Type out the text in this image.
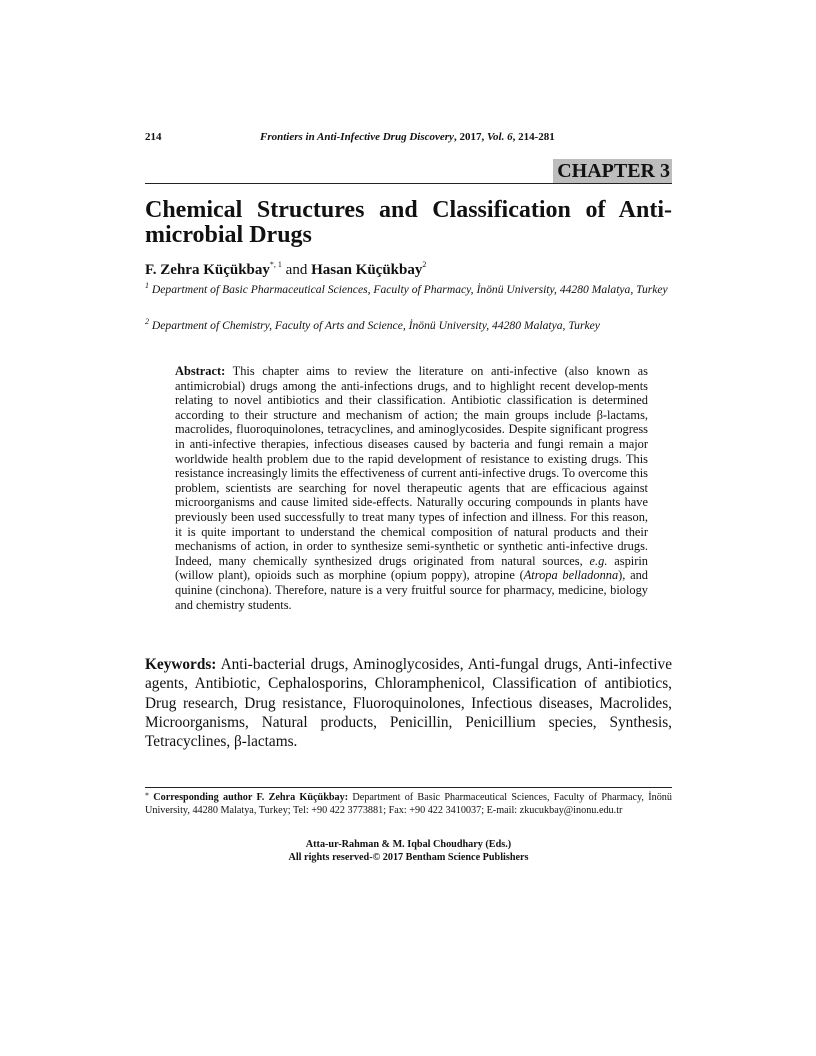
214	Frontiers in Anti-Infective Drug Discovery, 2017, Vol. 6, 214-281
CHAPTER 3
Chemical Structures and Classification of Anti-microbial Drugs
F. Zehra Küçükbay$^{*, 1}$ and Hasan Küçükbay$^2$
$^1$ Department of Basic Pharmaceutical Sciences, Faculty of Pharmacy, İnönü University, 44280 Malatya, Turkey
$^2$ Department of Chemistry, Faculty of Arts and Science, İnönü University, 44280 Malatya, Turkey
Abstract: This chapter aims to review the literature on anti-infective (also known as antimicrobial) drugs among the anti-infections drugs, and to highlight recent develop-ments relating to novel antibiotics and their classification. Antibiotic classification is determined according to their structure and mechanism of action; the main groups include β-lactams, macrolides, fluoroquinolones, tetracyclines, and aminoglycosides. Despite significant progress in anti-infective therapies, infectious diseases caused by bacteria and fungi remain a major worldwide health problem due to the rapid development of resistance to existing drugs. This resistance increasingly limits the effectiveness of current anti-infective drugs. To overcome this problem, scientists are searching for novel therapeutic agents that are efficacious against microorganisms and cause limited side-effects. Naturally occuring compounds in plants have previously been used successfully to treat many types of infection and illness. For this reason, it is quite important to understand the chemical composition of natural products and their mechanisms of action, in order to synthesize semi-synthetic or synthetic anti-infective drugs. Indeed, many chemically synthesized drugs originated from natural sources, e.g. aspirin (willow plant), opioids such as morphine (opium poppy), atropine (Atropa belladonna), and quinine (cinchona). Therefore, nature is a very fruitful source for pharmacy, medicine, biology and chemistry students.
Keywords: Anti-bacterial drugs, Aminoglycosides, Anti-fungal drugs, Anti-infective agents, Antibiotic, Cephalosporins, Chloramphenicol, Classification of antibiotics, Drug research, Drug resistance, Fluoroquinolones, Infectious diseases, Macrolides, Microorganisms, Natural products, Penicillin, Penicillium species, Synthesis, Tetracyclines, β-lactams.
* Corresponding author F. Zehra Küçükbay: Department of Basic Pharmaceutical Sciences, Faculty of Pharmacy, İnönü University, 44280 Malatya, Turkey; Tel: +90 422 3773881; Fax: +90 422 3410037; E-mail: zkucukbay@inonu.edu.tr
Atta-ur-Rahman & M. Iqbal Choudhary (Eds.)
All rights reserved-© 2017 Bentham Science Publishers
